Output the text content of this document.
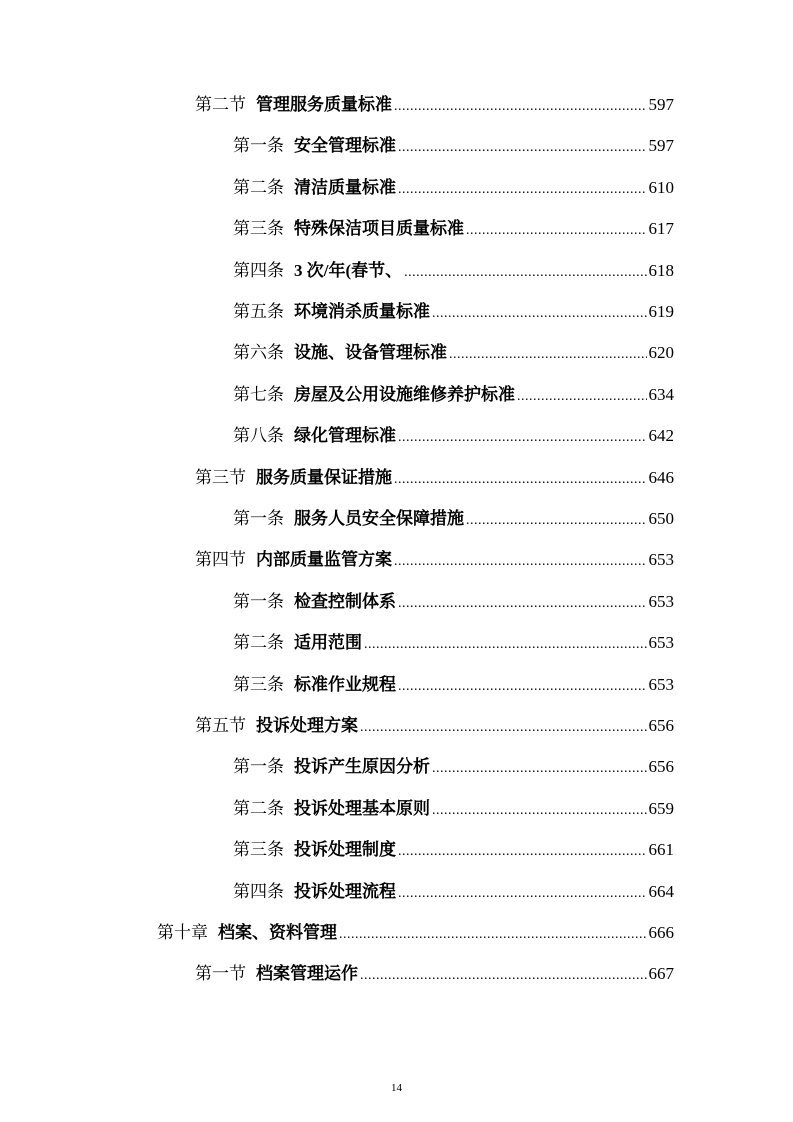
第二节 管理服务质量标准 .....	597
第一条 安全管理标准 .....	597
第二条 清洁质量标准 .....	610
第三条 特殊保洁项目质量标准 .....	617
第四条 3 次/年(春节、 .....	618
第五条 环境消杀质量标准 .....	619
第六条 设施、设备管理标准 .....	620
第七条 房屋及公用设施维修养护标准 .....	634
第八条 绿化管理标准 .....	642
第三节 服务质量保证措施 .....	646
第一条 服务人员安全保障措施 .....	650
第四节 内部质量监管方案 .....	653
第一条 检查控制体系 .....	653
第二条 适用范围 .....	653
第三条 标准作业规程 .....	653
第五节 投诉处理方案 .....	656
第一条 投诉产生原因分析 .....	656
第二条 投诉处理基本原则 .....	659
第三条 投诉处理制度 .....	661
第四条 投诉处理流程 .....	664
第十章 档案、资料管理 .....	666
第一节 档案管理运作 .....	667
14
